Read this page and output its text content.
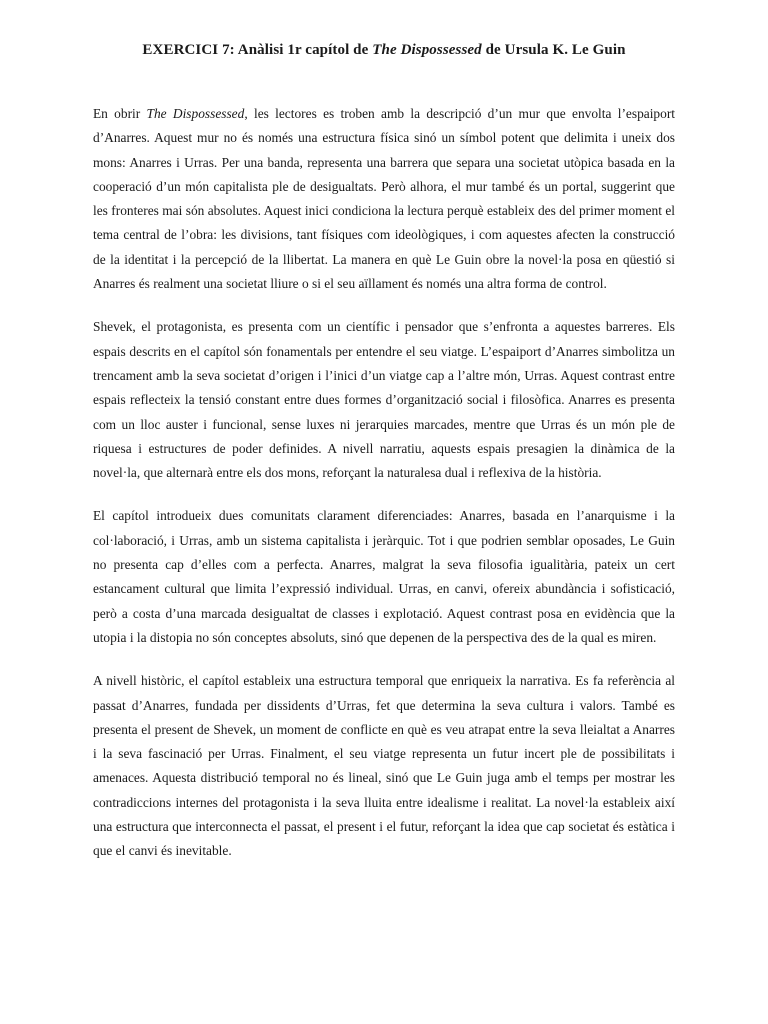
EXERCICI 7: Anàlisi 1r capítol de The Dispossessed de Ursula K. Le Guin

En obrir The Dispossessed, les lectores es troben amb la descripció d’un mur que envolta l’espaiport d’Anarres. Aquest mur no és només una estructura física sinó un símbol potent que delimita i uneix dos mons: Anarres i Urras. Per una banda, representa una barrera que separa una societat utòpica basada en la cooperació d’un món capitalista ple de desigualtats. Però alhora, el mur també és un portal, suggerint que les fronteres mai són absolutes. Aquest inici condiciona la lectura perquè estableix des del primer moment el tema central de l’obra: les divisions, tant físiques com ideològiques, i com aquestes afecten la construcció de la identitat i la percepció de la llibertat. La manera en què Le Guin obre la novel·la posa en qüestió si Anarres és realment una societat lliure o si el seu aïllament és només una altra forma de control.

Shevek, el protagonista, es presenta com un científic i pensador que s’enfronta a aquestes barreres. Els espais descrits en el capítol són fonamentals per entendre el seu viatge. L’espaiport d’Anarres simbolitza un trencament amb la seva societat d’origen i l’inici d’un viatge cap a l’altre món, Urras. Aquest contrast entre espais reflecteix la tensió constant entre dues formes d’organització social i filosòfica. Anarres es presenta com un lloc auster i funcional, sense luxes ni jerarquies marcades, mentre que Urras és un món ple de riquesa i estructures de poder definides. A nivell narratiu, aquests espais presagien la dinàmica de la novel·la, que alternarà entre els dos mons, reforçant la naturalesa dual i reflexiva de la història.

El capítol introdueix dues comunitats clarament diferenciades: Anarres, basada en l’anarquisme i la col·laboració, i Urras, amb un sistema capitalista i jeràrquic. Tot i que podrien semblar oposades, Le Guin no presenta cap d’elles com a perfecta. Anarres, malgrat la seva filosofia igualitària, pateix un cert estancament cultural que limita l’expressió individual. Urras, en canvi, ofereix abundància i sofisticació, però a costa d’una marcada desigualtat de classes i explotació. Aquest contrast posa en evidència que la utopia i la distopia no són conceptes absoluts, sinó que depenen de la perspectiva des de la qual es miren.

A nivell històric, el capítol estableix una estructura temporal que enriqueix la narrativa. Es fa referència al passat d’Anarres, fundada per dissidents d’Urras, fet que determina la seva cultura i valors. També es presenta el present de Shevek, un moment de conflicte en què es veu atrapat entre la seva lleialtat a Anarres i la seva fascinació per Urras. Finalment, el seu viatge representa un futur incert ple de possibilitats i amenaces. Aquesta distribució temporal no és lineal, sinó que Le Guin juga amb el temps per mostrar les contradiccions internes del protagonista i la seva lluita entre idealisme i realitat. La novel·la estableix així una estructura que interconnecta el passat, el present i el futur, reforçant la idea que cap societat és estàtica i que el canvi és inevitable.
